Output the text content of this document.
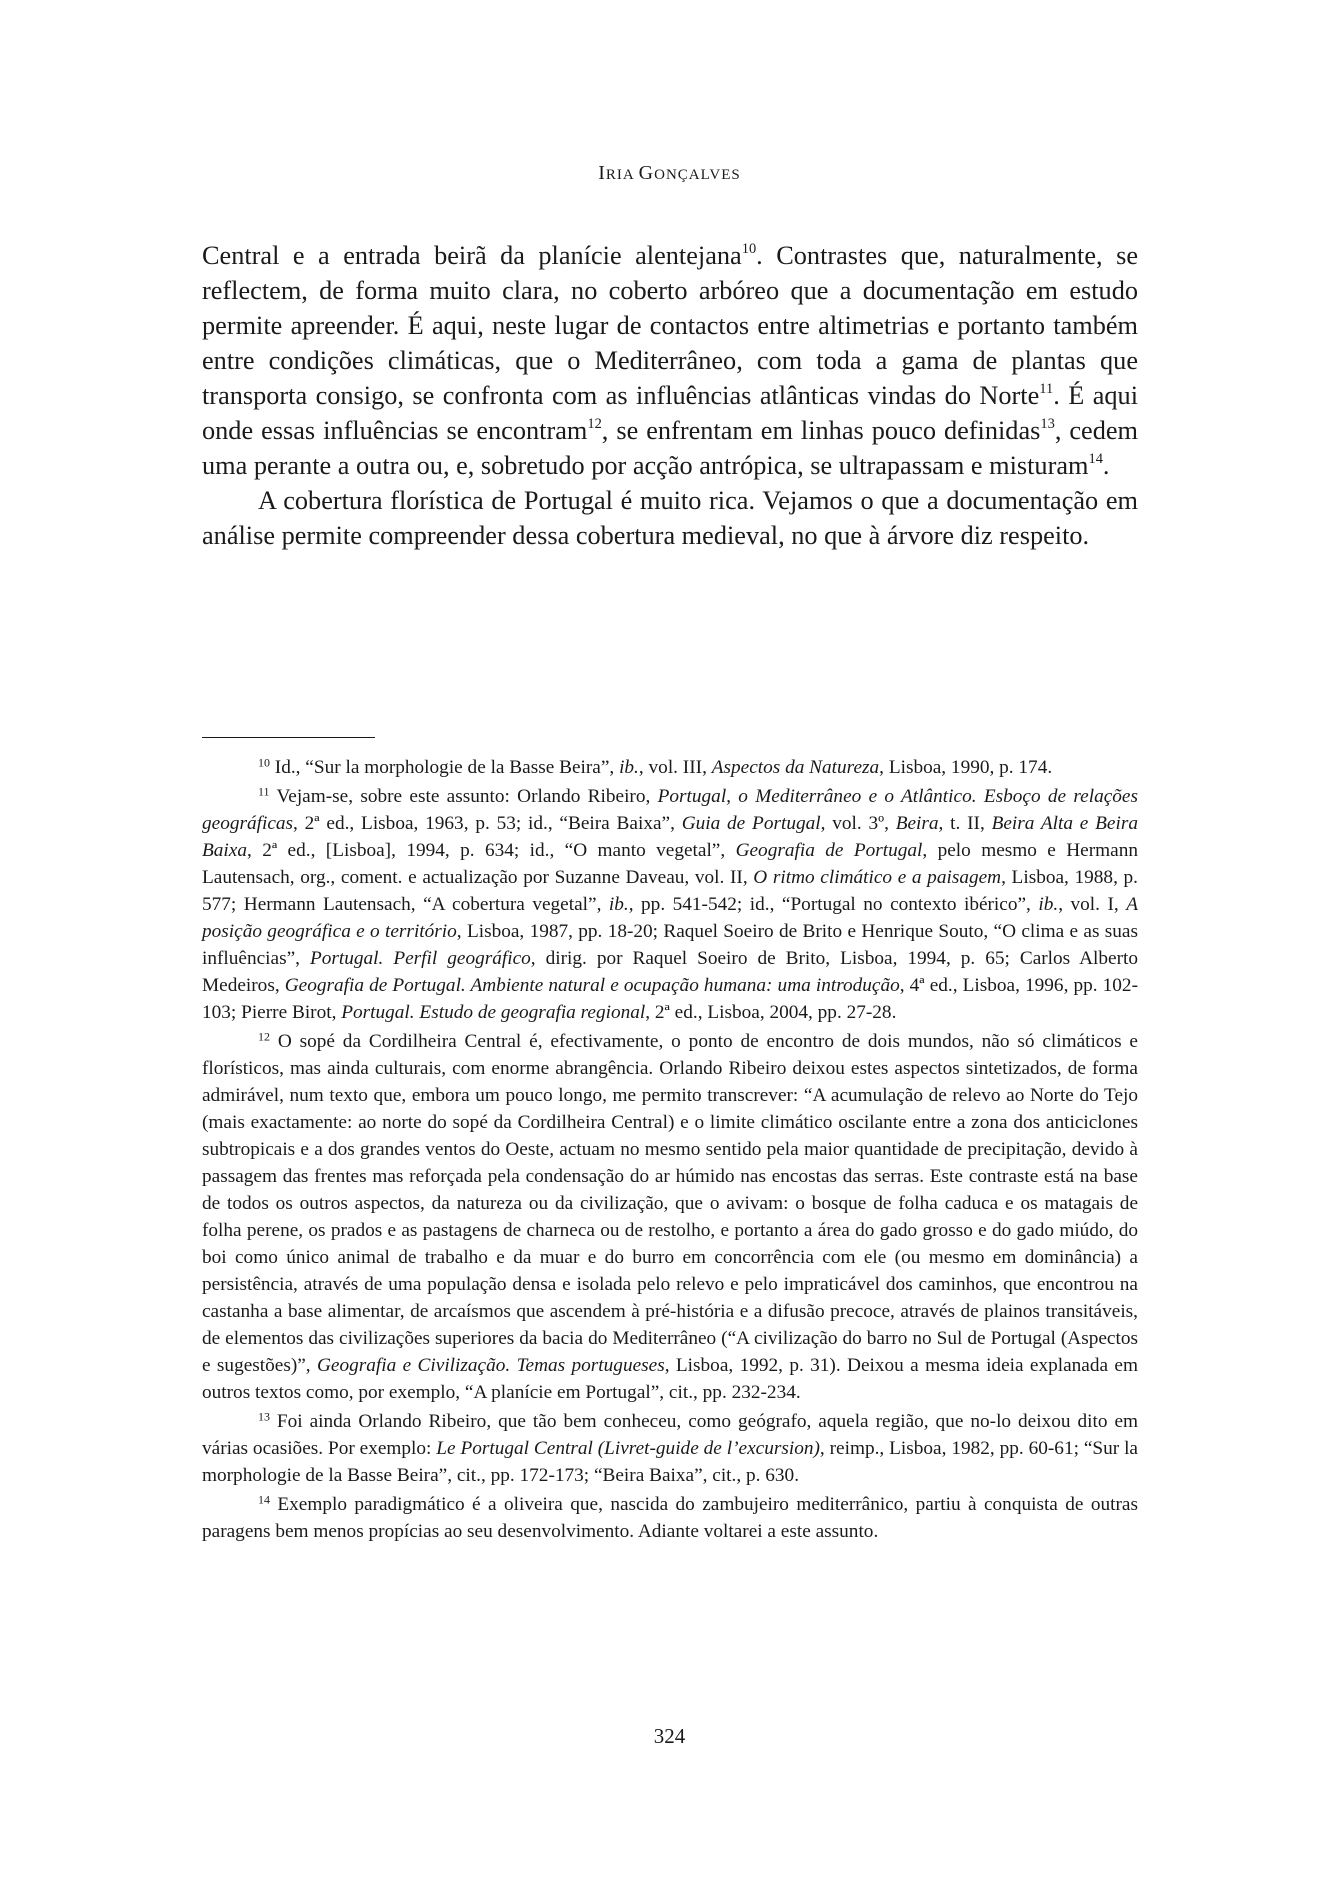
IRIA GONÇALVES

Central e a entrada beirã da planície alentejana$^{10}$. Contrastes que, naturalmente, se reflectem, de forma muito clara, no coberto arbóreo que a documentação em estudo permite apreender. É aqui, neste lugar de contactos entre altimetrias e portanto também entre condições climáticas, que o Mediterrâneo, com toda a gama de plantas que transporta consigo, se confronta com as influências atlânticas vindas do Norte$^{11}$. É aqui onde essas influências se encontram$^{12}$, se enfrentam em linhas pouco definidas$^{13}$, cedem uma perante a outra ou, e, sobretudo por acção antrópica, se ultrapassam e misturam$^{14}$.

A cobertura florística de Portugal é muito rica. Vejamos o que a documentação em análise permite compreender dessa cobertura medieval, no que à árvore diz respeito.

$^{10}$ Id., “Sur la morphologie de la Basse Beira”, ib., vol. III, Aspectos da Natureza, Lisboa, 1990, p. 174.

$^{11}$ Vejam-se, sobre este assunto: Orlando Ribeiro, Portugal, o Mediterrâneo e o Atlântico. Esboço de relações geográficas, 2ª ed., Lisboa, 1963, p. 53; id., “Beira Baixa”, Guia de Portugal, vol. 3º, Beira, t. II, Beira Alta e Beira Baixa, 2ª ed., [Lisboa], 1994, p. 634; id., “O manto vegetal”, Geografia de Portugal, pelo mesmo e Hermann Lautensach, org., coment. e actualização por Suzanne Daveau, vol. II, O ritmo climático e a paisagem, Lisboa, 1988, p. 577; Hermann Lautensach, “A cobertura vegetal”, ib., pp. 541-542; id., “Portugal no contexto ibérico”, ib., vol. I, A posição geográfica e o território, Lisboa, 1987, pp. 18-20; Raquel Soeiro de Brito e Henrique Souto, “O clima e as suas influências”, Portugal. Perfil geográfico, dirig. por Raquel Soeiro de Brito, Lisboa, 1994, p. 65; Carlos Alberto Medeiros, Geografia de Portugal. Ambiente natural e ocupação humana: uma introdução, 4ª ed., Lisboa, 1996, pp. 102-103; Pierre Birot, Portugal. Estudo de geografia regional, 2ª ed., Lisboa, 2004, pp. 27-28.

$^{12}$ O sopé da Cordilheira Central é, efectivamente, o ponto de encontro de dois mundos, não só climáticos e florísticos, mas ainda culturais, com enorme abrangência. Orlando Ribeiro deixou estes aspectos sintetizados, de forma admirável, num texto que, embora um pouco longo, me permito transcrever: “A acumulação de relevo ao Norte do Tejo (mais exactamente: ao norte do sopé da Cordilheira Central) e o limite climático oscilante entre a zona dos anticiclones subtropicais e a dos grandes ventos do Oeste, actuam no mesmo sentido pela maior quantidade de precipitação, devido à passagem das frentes mas reforçada pela condensação do ar húmido nas encostas das serras. Este contraste está na base de todos os outros aspectos, da natureza ou da civilização, que o avivam: o bosque de folha caduca e os matagais de folha perene, os prados e as pastagens de charneca ou de restolho, e portanto a área do gado grosso e do gado miúdo, do boi como único animal de trabalho e da muar e do burro em concorrência com ele (ou mesmo em dominância) a persistência, através de uma população densa e isolada pelo relevo e pelo impraticável dos caminhos, que encontrou na castanha a base alimentar, de arcaísmos que ascendem à pré-história e a difusão precoce, através de plainos transitáveis, de elementos das civilizações superiores da bacia do Mediterrâneo (“A civilização do barro no Sul de Portugal (Aspectos e sugestões)”, Geografia e Civilização. Temas portugueses, Lisboa, 1992, p. 31). Deixou a mesma ideia explanada em outros textos como, por exemplo, “A planície em Portugal”, cit., pp. 232-234.

$^{13}$ Foi ainda Orlando Ribeiro, que tão bem conheceu, como geógrafo, aquela região, que no-lo deixou dito em várias ocasiões. Por exemplo: Le Portugal Central (Livret-guide de l’excursion), reimp., Lisboa, 1982, pp. 60-61; “Sur la morphologie de la Basse Beira”, cit., pp. 172-173; “Beira Baixa”, cit., p. 630.

$^{14}$ Exemplo paradigmático é a oliveira que, nascida do zambujeiro mediterrânico, partiu à conquista de outras paragens bem menos propícias ao seu desenvolvimento. Adiante voltarei a este assunto.

324
